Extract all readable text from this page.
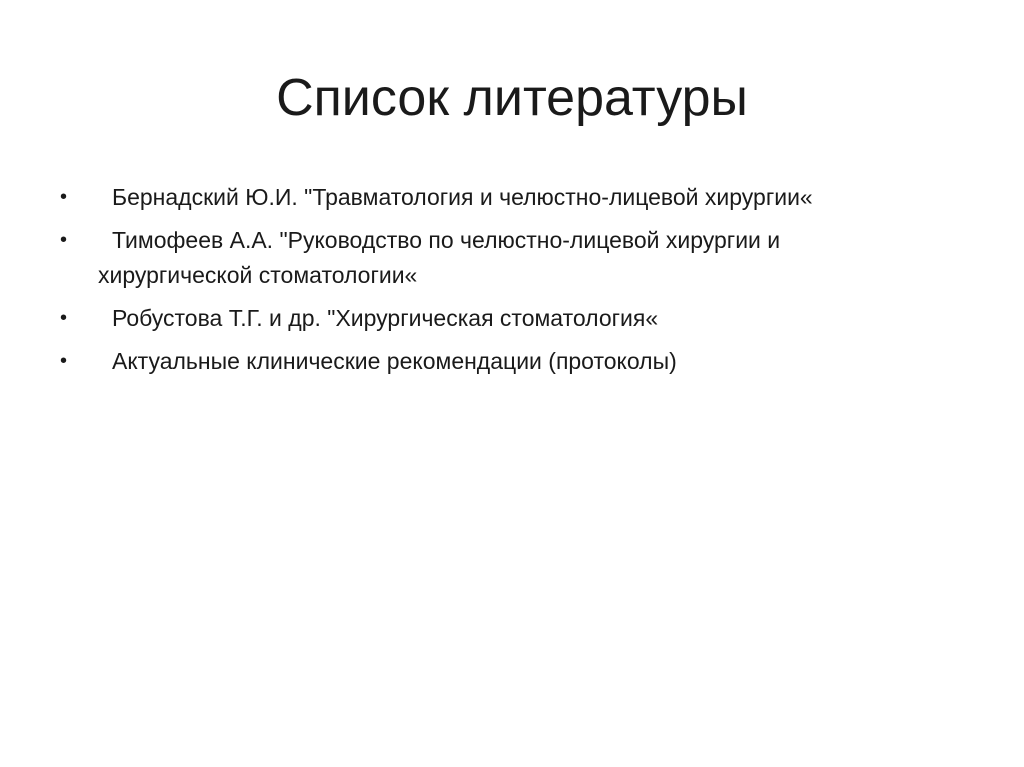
Список литературы
• Бернадский Ю.И. "Травматология и челюстно-лицевой хирургии«
• Тимофеев А.А. "Руководство по челюстно-лицевой хирургии и хирургической стоматологии«
• Робустова Т.Г. и др. "Хирургическая стоматология«
• Актуальные клинические рекомендации (протоколы)
